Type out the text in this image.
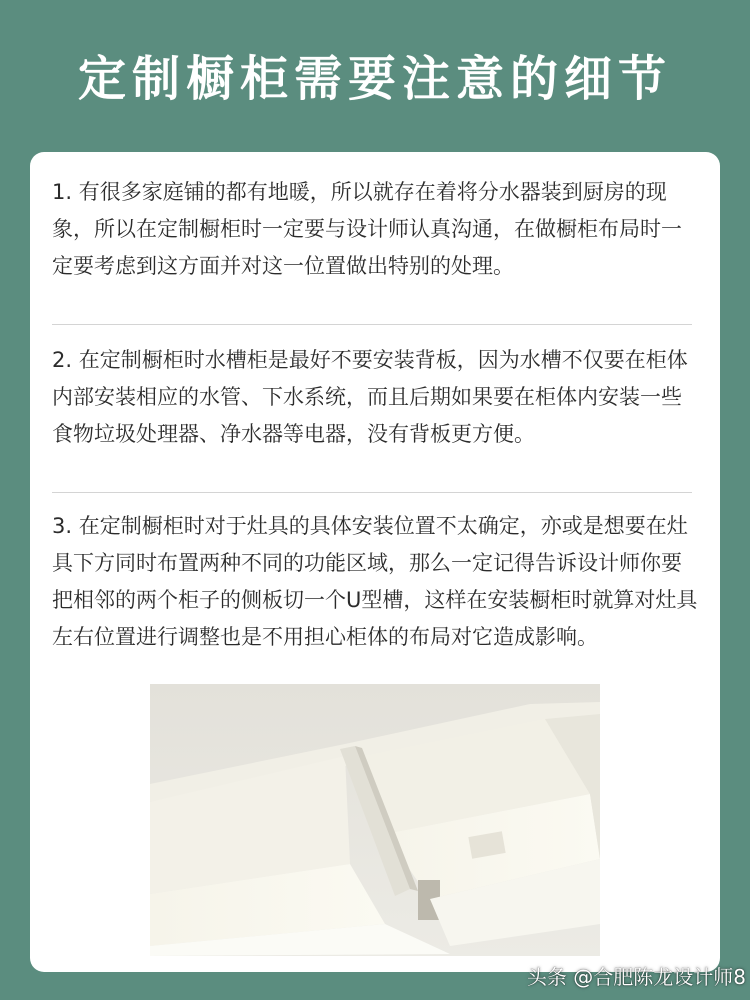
定制橱柜需要注意的细节

1. 有很多家庭铺的都有地暖，所以就存在着将分水器装到厨房的现象，所以在定制橱柜时一定要与设计师认真沟通，在做橱柜布局时一定要考虑到这方面并对这一位置做出特别的处理。

2. 在定制橱柜时水槽柜是最好不要安装背板，因为水槽不仅要在柜体内部安装相应的水管、下水系统，而且后期如果要在柜体内安装一些食物垃圾处理器、净水器等电器，没有背板更方便。

3. 在定制橱柜时对于灶具的具体安装位置不太确定，亦或是想要在灶具下方同时布置两种不同的功能区域，那么一定记得告诉设计师你要把相邻的两个柜子的侧板切一个U型槽，这样在安装橱柜时就算对灶具左右位置进行调整也是不用担心柜体的布局对它造成影响。

头条 @合肥陈龙设计师8
